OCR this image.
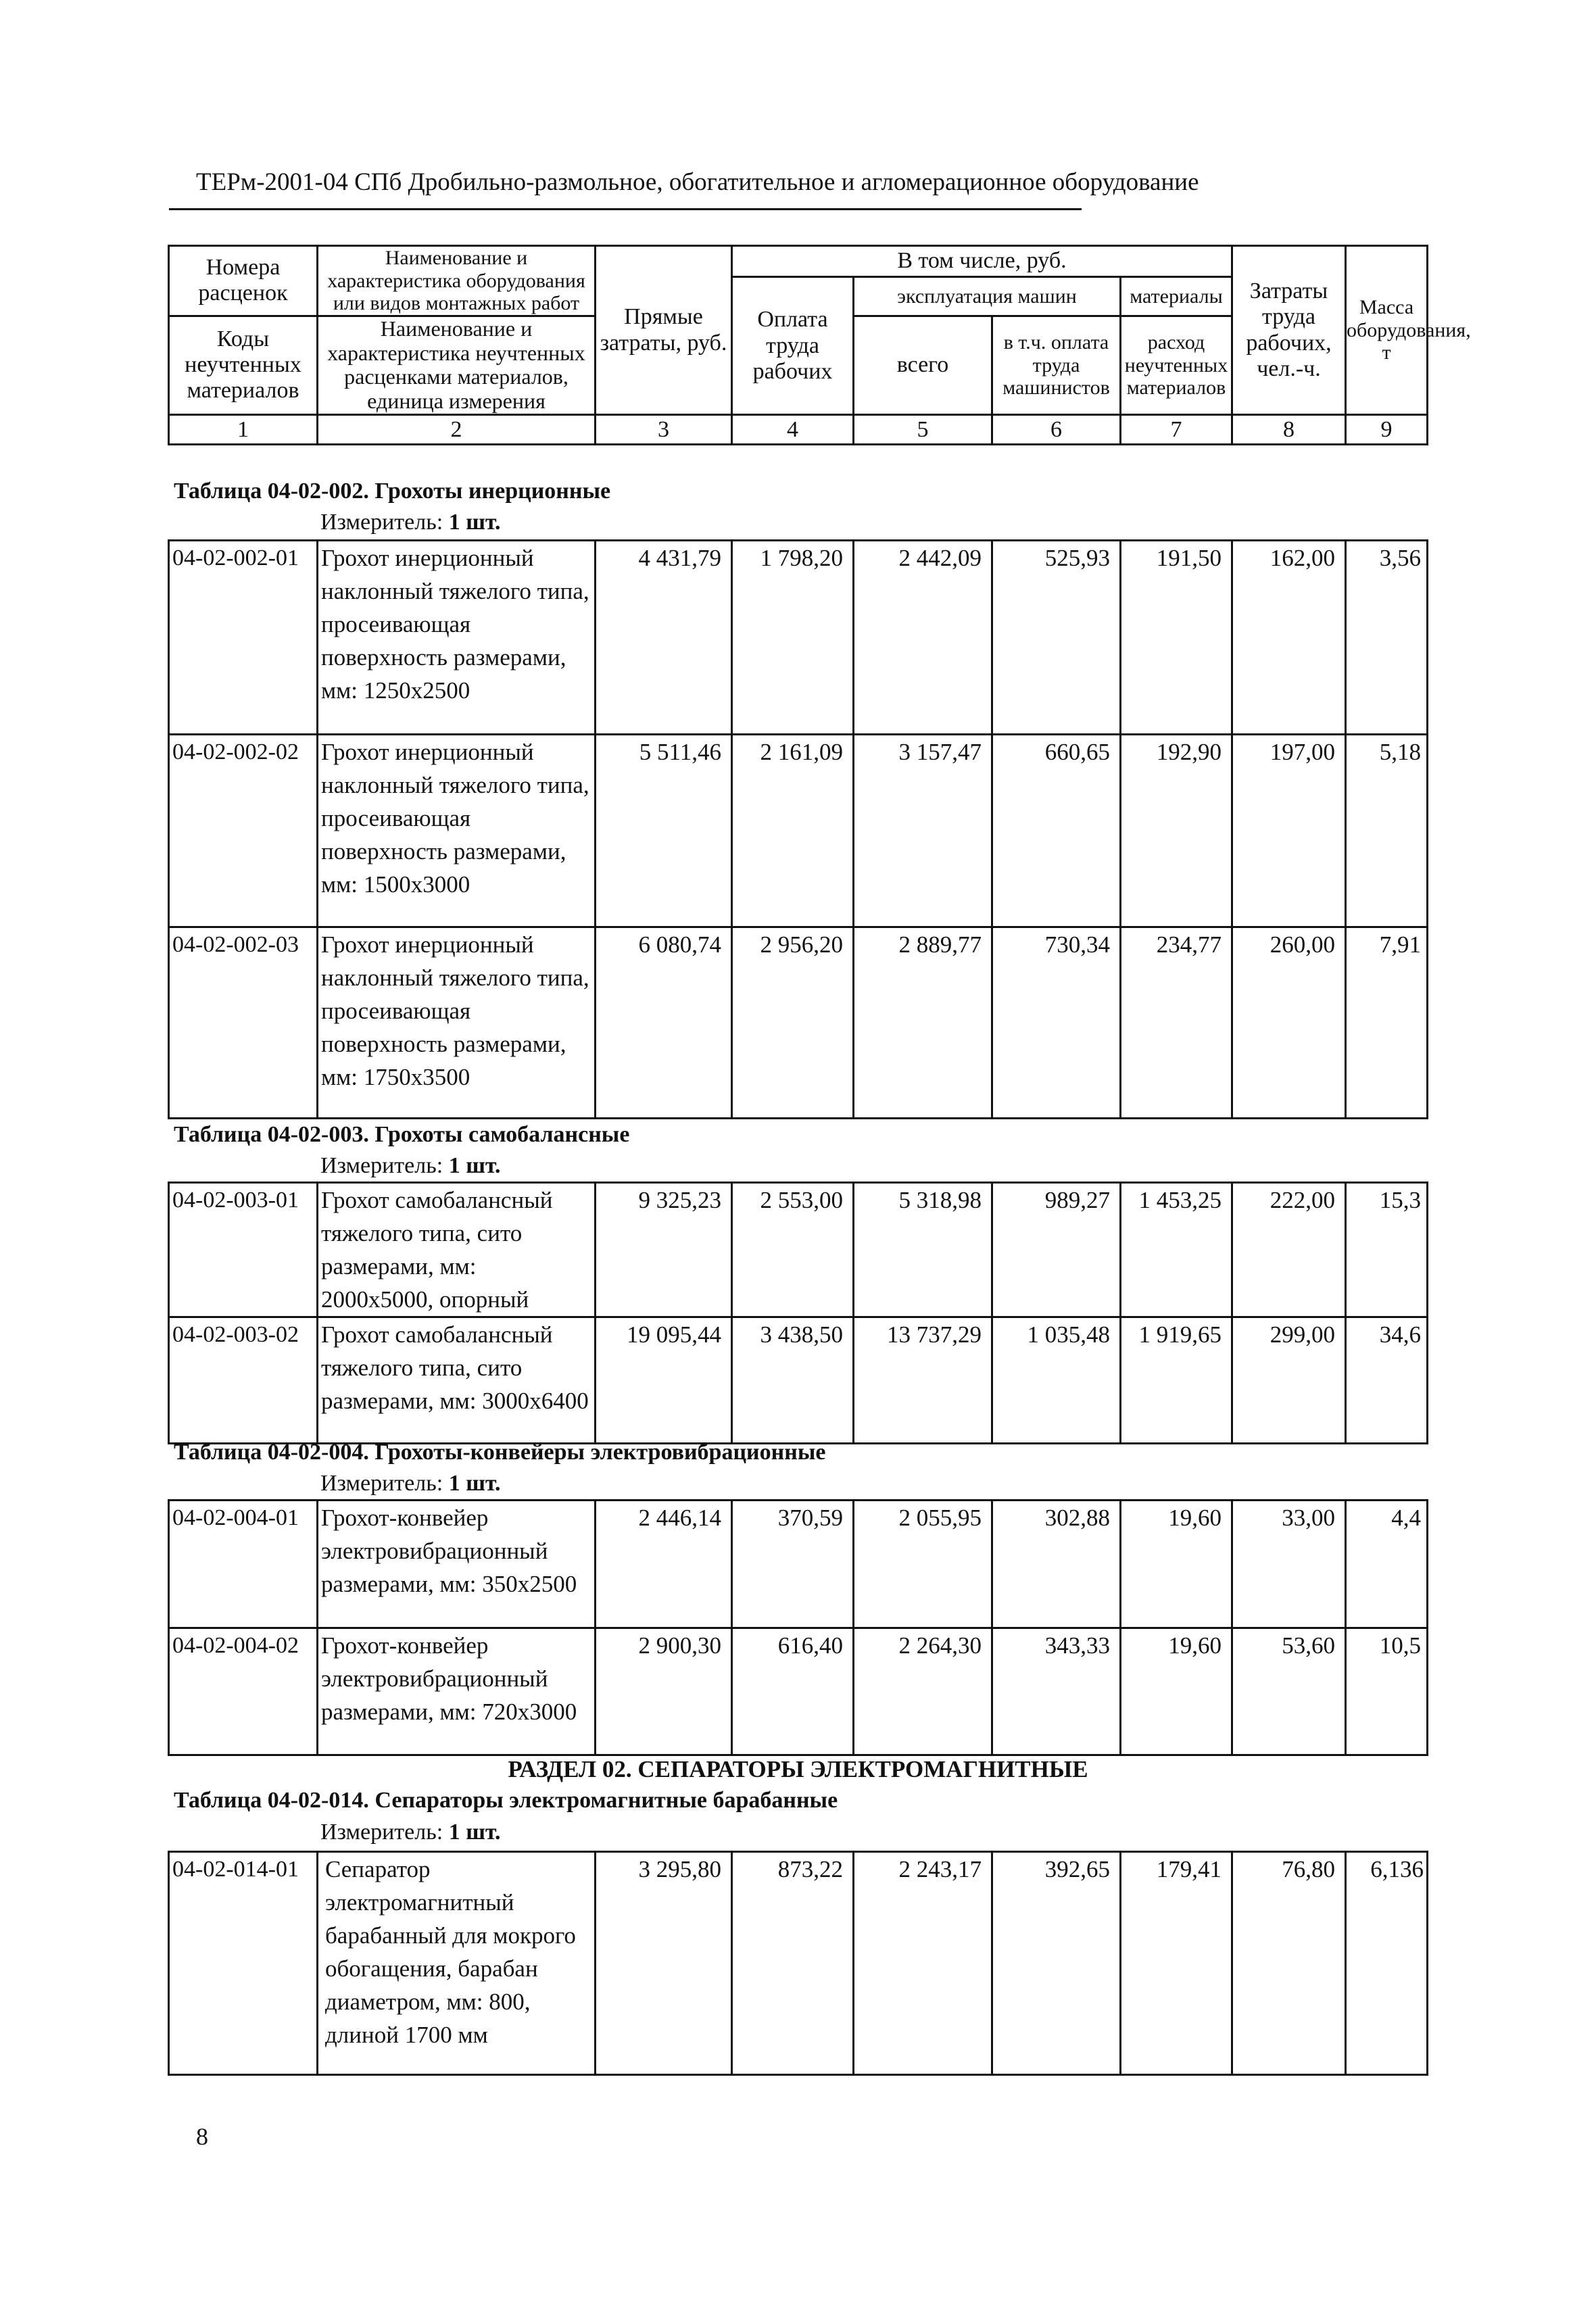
ТЕРм-2001-04 СПб Дробильно-размольное, обогатительное и агломерационное оборудование
Номера расценок	Наименование и характеристика оборудования или видов монтажных работ	Прямые затраты, руб.	В том числе, руб.				Затраты труда рабочих, чел.-ч.	Масса оборудования, т
			Оплата труда рабочих	эксплуатация машин		материалы		
Коды неучтенных материалов	Наименование и характеристика неучтенных расценками материалов, единица измерения			всего	в т.ч. оплата труда машинистов	расход неучтенных материалов		

1	2	3	4	5	6	7	8	9
Таблица 04-02-002. Грохоты инерционные
Измеритель: 1 шт.
04-02-002-01	Грохот инерционный наклонный тяжелого типа, просеивающая поверхность размерами, мм: 1250х2500	4 431,79	1 798,20	2 442,09	525,93	191,50	162,00	3,56
04-02-002-02	Грохот инерционный наклонный тяжелого типа, просеивающая поверхность размерами, мм: 1500х3000	5 511,46	2 161,09	3 157,47	660,65	192,90	197,00	5,18
04-02-002-03	Грохот инерционный наклонный тяжелого типа, просеивающая поверхность размерами, мм: 1750х3500	6 080,74	2 956,20	2 889,77	730,34	234,77	260,00	7,91
Таблица 04-02-003. Грохоты самобалансные
Измеритель: 1 шт.
04-02-003-01	Грохот самобалансный тяжелого типа, сито размерами, мм: 2000х5000, опорный	9 325,23	2 553,00	5 318,98	989,27	1 453,25	222,00	15,3
04-02-003-02	Грохот самобалансный тяжелого типа, сито размерами, мм: 3000х6400	19 095,44	3 438,50	13 737,29	1 035,48	1 919,65	299,00	34,6
Таблица 04-02-004. Грохоты-конвейеры электровибрационные
Измеритель: 1 шт.
04-02-004-01	Грохот-конвейер электровибрационный размерами, мм: 350х2500	2 446,14	370,59	2 055,95	302,88	19,60	33,00	4,4
04-02-004-02	Грохот-конвейер электровибрационный размерами, мм: 720х3000	2 900,30	616,40	2 264,30	343,33	19,60	53,60	10,5
РАЗДЕЛ 02. СЕПАРАТОРЫ ЭЛЕКТРОМАГНИТНЫЕ
Таблица 04-02-014. Сепараторы электромагнитные барабанные
Измеритель: 1 шт.
04-02-014-01	Сепаратор электромагнитный барабанный для мокрого обогащения, барабан диаметром, мм: 800, длиной 1700 мм	3 295,80	873,22	2 243,17	392,65	179,41	76,80	6,136
8
